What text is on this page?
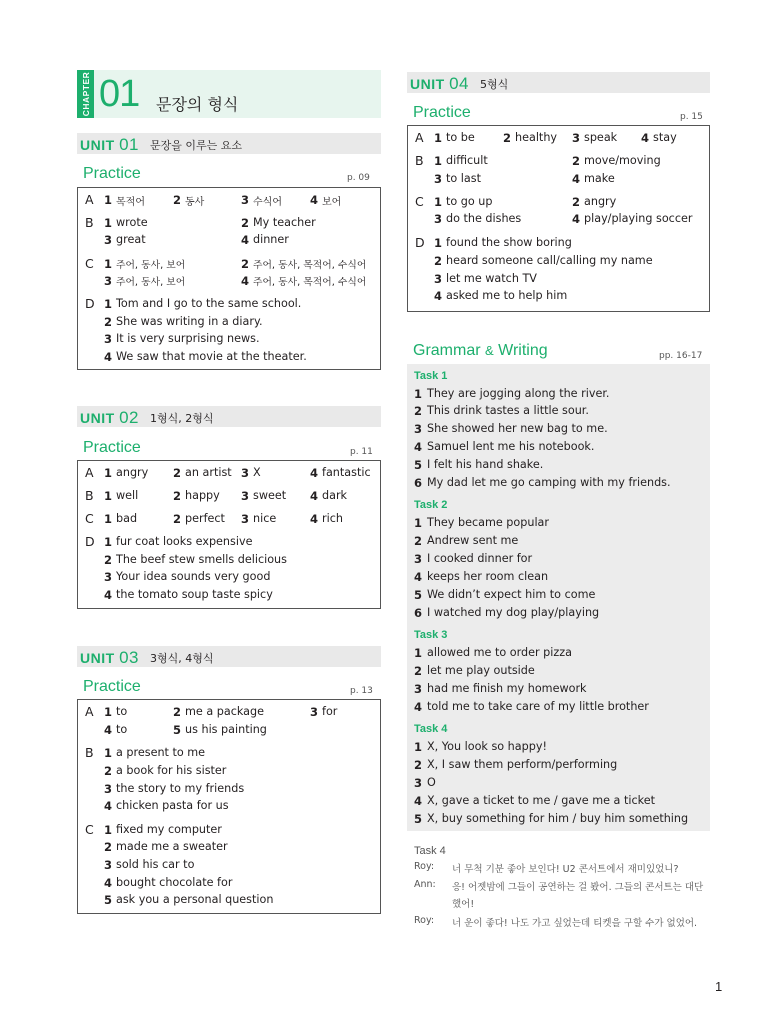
CHAPTER 01 문장의 형식
UNIT 01 문장을 이루는 요소
Practice	p. 09
A 1 목적어 2 동사	3 수식어 4 보어
B 1 wrote	2 My teacher
3 great	4 dinner
C 1 주어, 동사, 보어	2 주어, 동사, 목적어, 수식어
3 주어, 동사, 보어	4 주어, 동사, 목적어, 수식어
D 1 Tom and I go to the same school.
2 She was writing in a diary.
3 It is very surprising news.
4 We saw that movie at the theater.
UNIT 02 1형식, 2형식
Practice	p. 11
A 1 angry 2 an artist 3 X	4 fantastic
B 1 well	2 happy 3 sweet 4 dark
C 1 bad	2 perfect 3 nice	4 rich
D 1 fur coat looks expensive
2 The beef stew smells delicious
3 Your idea sounds very good
4 the tomato soup taste spicy
UNIT 03 3형식, 4형식
Practice	p. 13
A 1 to	2 me a package	3 for
4 to	5 us his painting
B 1 a present to me
2 a book for his sister
3 the story to my friends
4 chicken pasta for us
C 1 fixed my computer
2 made me a sweater
3 sold his car to
4 bought chocolate for
5 ask you a personal question
UNIT 04 5형식
Practice	p. 15
A 1 to be 2 healthy 3 speak 4 stay
B 1 difficult	2 move/moving
3 to last	4 make
C 1 to go up	2 angry
3 do the dishes	4 play/playing soccer
D 1 found the show boring
2 heard someone call/calling my name
3 let me watch TV
4 asked me to help him
Grammar & Writing	pp. 16-17
Task 1
1 They are jogging along the river.
2 This drink tastes a little sour.
3 She showed her new bag to me.
4 Samuel lent me his notebook.
5 I felt his hand shake.
6 My dad let me go camping with my friends.
Task 2
1 They became popular
2 Andrew sent me
3 I cooked dinner for
4 keeps her room clean
5 We didn’t expect him to come
6 I watched my dog play/playing
Task 3
1 allowed me to order pizza
2 let me play outside
3 had me finish my homework
4 told me to take care of my little brother
Task 4
1 X, You look so happy!
2 X, I saw them perform/performing
3 O
4 X, gave a ticket to me / gave me a ticket
5 X, buy something for him / buy him something
Task 4
Roy: 너 무척 기분 좋아 보인다! U2 콘서트에서 재미있었니?
Ann: 응! 어젯밤에 그들이 공연하는 걸 봤어. 그들의 콘서트는 대단했어!
Roy: 너 운이 좋다! 나도 가고 싶었는데 티켓을 구할 수가 없었어.
1
